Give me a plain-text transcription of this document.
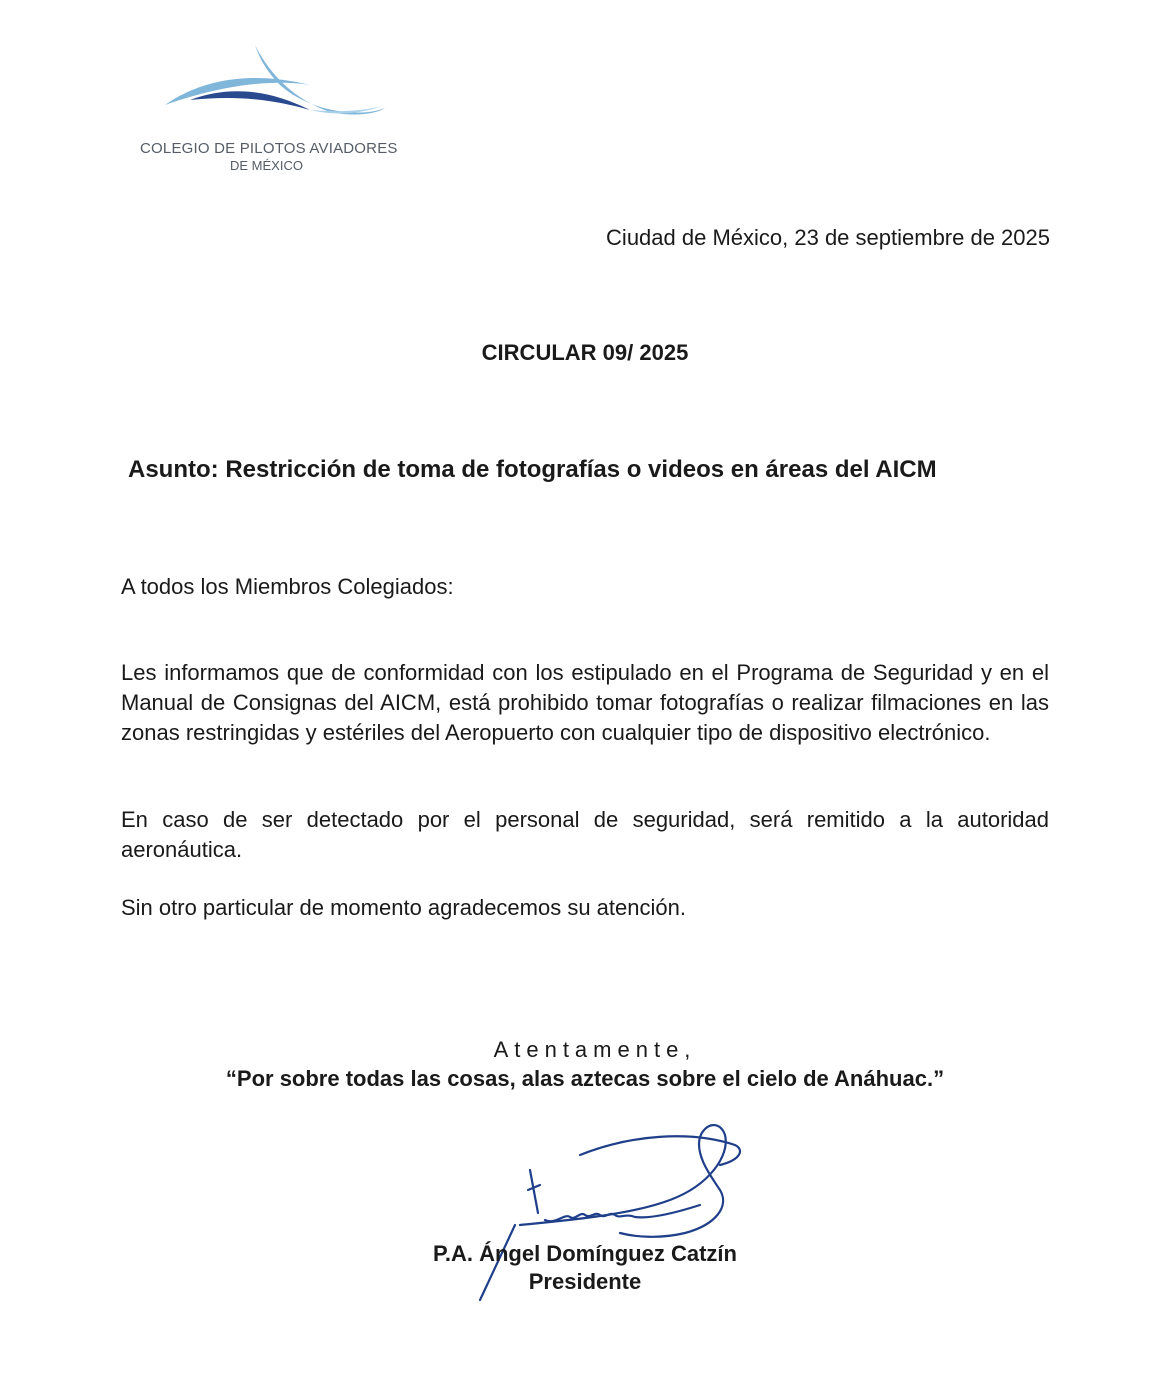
COLEGIO DE PILOTOS AVIADORES
DE MÉXICO
Ciudad de México, 23 de septiembre de 2025
CIRCULAR 09/ 2025
Asunto: Restricción de toma de fotografías o videos en áreas del AICM
A todos los Miembros Colegiados:
Les informamos que de conformidad con los estipulado en el Programa de Seguridad y en el Manual de Consignas del AICM, está prohibido tomar fotografías o realizar filmaciones en las zonas restringidas y estériles del Aeropuerto con cualquier tipo de dispositivo electrónico.
En caso de ser detectado por el personal de seguridad, será remitido a la autoridad aeronáutica.
Sin otro particular de momento agradecemos su atención.
Atentamente,
“Por sobre todas las cosas, alas aztecas sobre el cielo de Anáhuac.”
P.A. Ángel Domínguez Catzín
Presidente
